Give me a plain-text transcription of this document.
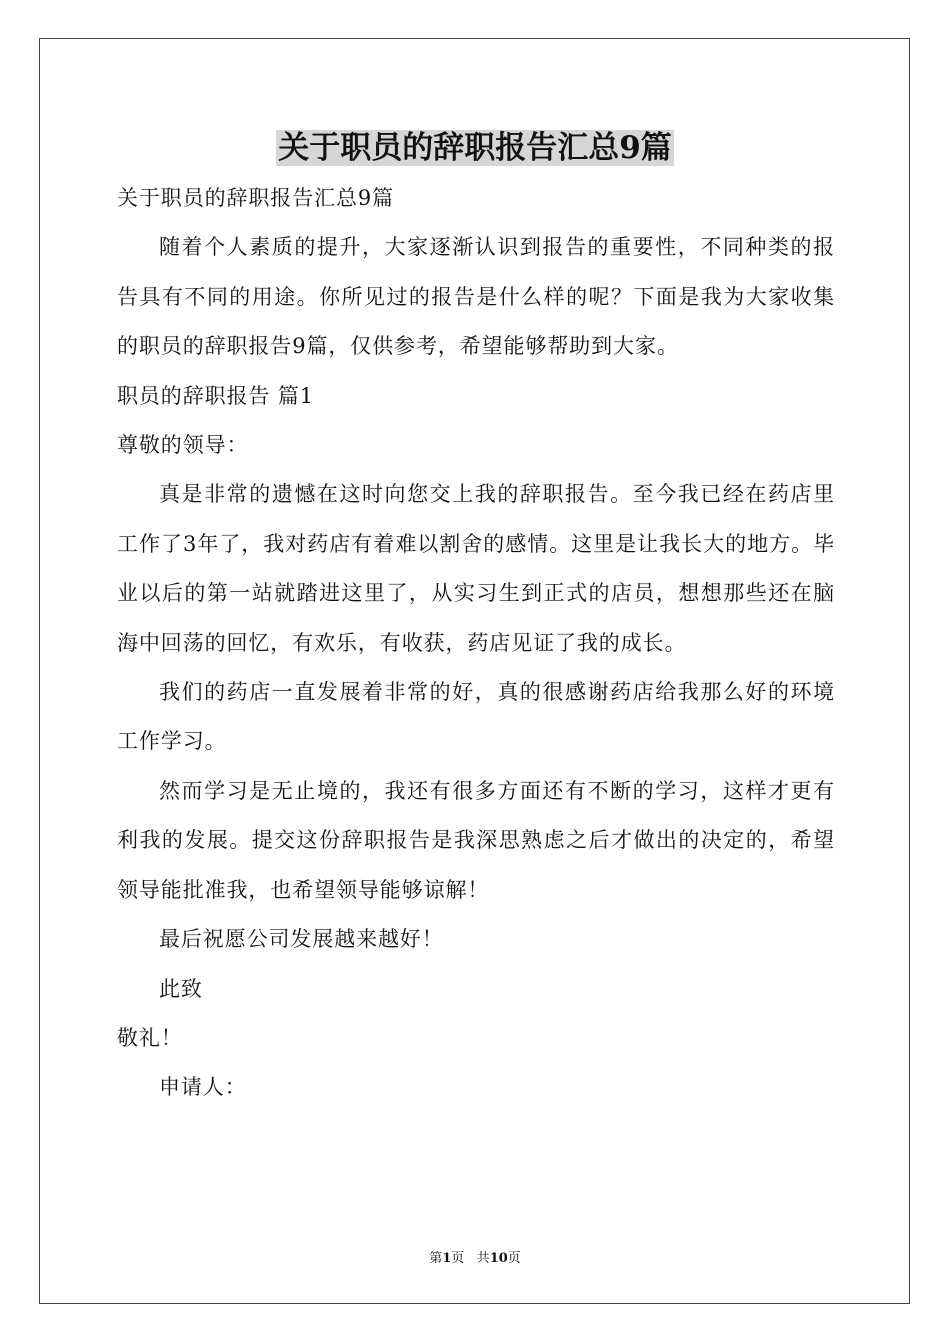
关于职员的辞职报告汇总9篇

关于职员的辞职报告汇总9篇

随着个人素质的提升，大家逐渐认识到报告的重要性，不同种类的报告具有不同的用途。你所见过的报告是什么样的呢？下面是我为大家收集的职员的辞职报告9篇，仅供参考，希望能够帮助到大家。

职员的辞职报告 篇1

尊敬的领导：

真是非常的遗憾在这时向您交上我的辞职报告。至今我已经在药店里工作了3年了，我对药店有着难以割舍的感情。这里是让我长大的地方。毕业以后的第一站就踏进这里了，从实习生到正式的店员，想想那些还在脑海中回荡的回忆，有欢乐，有收获，药店见证了我的成长。

我们的药店一直发展着非常的好，真的很感谢药店给我那么好的环境工作学习。

然而学习是无止境的，我还有很多方面还有不断的学习，这样才更有利我的发展。提交这份辞职报告是我深思熟虑之后才做出的决定的，希望领导能批准我，也希望领导能够谅解！

最后祝愿公司发展越来越好！

此致

敬礼！

申请人：

第1页 共10页
